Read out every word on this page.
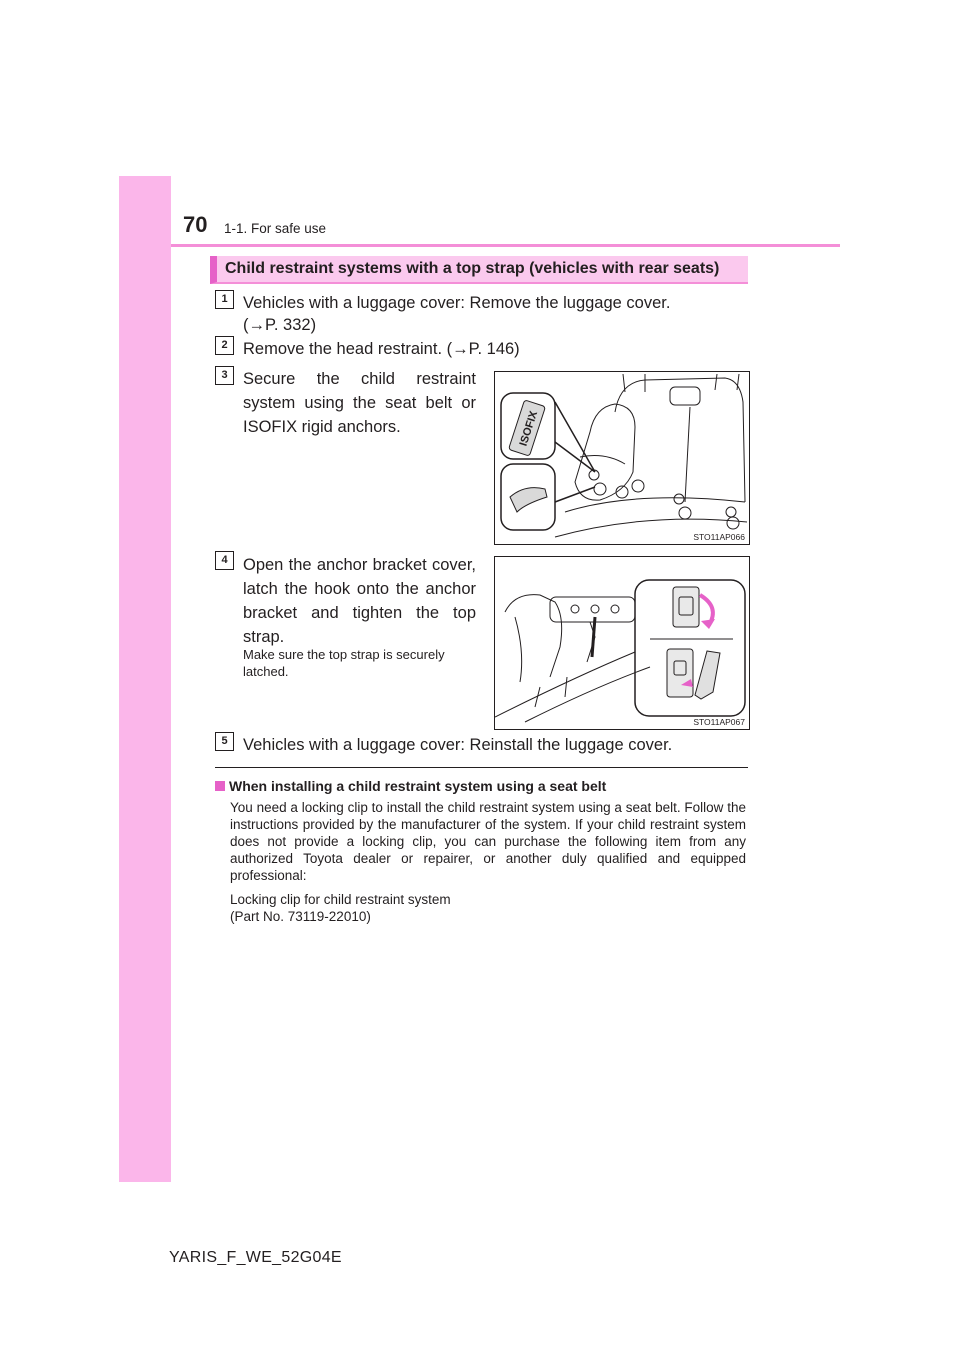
70 1-1. For safe use
Child restraint systems with a top strap (vehicles with rear seats)
1 Vehicles with a luggage cover: Remove the luggage cover.
(→P. 332)
2 Remove the head restraint. (→P. 146)
3 Secure the child restraint system using the seat belt or ISOFIX rigid anchors.	ISOFIX
STO11AP066
4 Open the anchor bracket cover, latch the hook onto the anchor bracket and tighten the top strap.
Make sure the top strap is securely latched.
STO11AP067
5 Vehicles with a luggage cover: Reinstall the luggage cover.
When installing a child restraint system using a seat belt
You need a locking clip to install the child restraint system using a seat belt. Follow the instructions provided by the manufacturer of the system. If your child restraint system does not provide a locking clip, you can purchase the following item from any authorized Toyota dealer or repairer, or another duly qualified and equipped professional:
Locking clip for child restraint system
(Part No. 73119-22010)
YARIS_F_WE_52G04E
